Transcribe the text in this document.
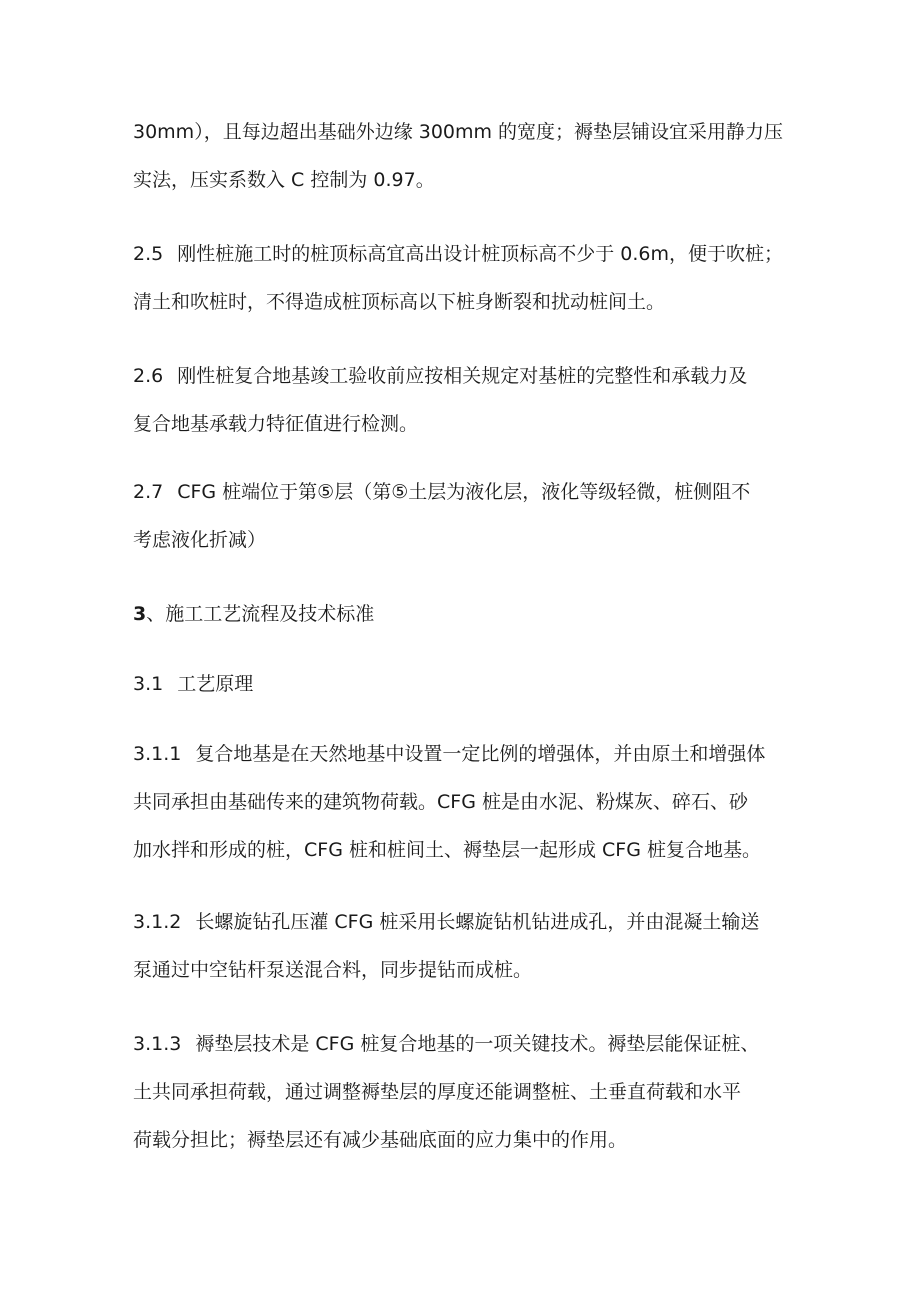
30mm），且每边超出基础外边缘 300mm 的宽度；褥垫层铺设宜采用静力压
实法，压实系数入 C 控制为 0.97。
2.5 刚性桩施工时的桩顶标高宜高出设计桩顶标高不少于 0.6m，便于吹桩；
清土和吹桩时，不得造成桩顶标高以下桩身断裂和扰动桩间土。
2.6 刚性桩复合地基竣工验收前应按相关规定对基桩的完整性和承载力及
复合地基承载力特征值进行检测。
2.7 CFG 桩端位于第⑤层（第⑤土层为液化层，液化等级轻微，桩侧阻不
考虑液化折减）
3、施工工艺流程及技术标准
3.1 工艺原理
3.1.1 复合地基是在天然地基中设置一定比例的增强体，并由原土和增强体
共同承担由基础传来的建筑物荷载。CFG 桩是由水泥、粉煤灰、碎石、砂
加水拌和形成的桩，CFG 桩和桩间土、褥垫层一起形成 CFG 桩复合地基。
3.1.2 长螺旋钻孔压灌 CFG 桩采用长螺旋钻机钻进成孔，并由混凝土输送
泵通过中空钻杆泵送混合料，同步提钻而成桩。
3.1.3 褥垫层技术是 CFG 桩复合地基的一项关键技术。褥垫层能保证桩、
土共同承担荷载，通过调整褥垫层的厚度还能调整桩、土垂直荷载和水平
荷载分担比；褥垫层还有减少基础底面的应力集中的作用。
